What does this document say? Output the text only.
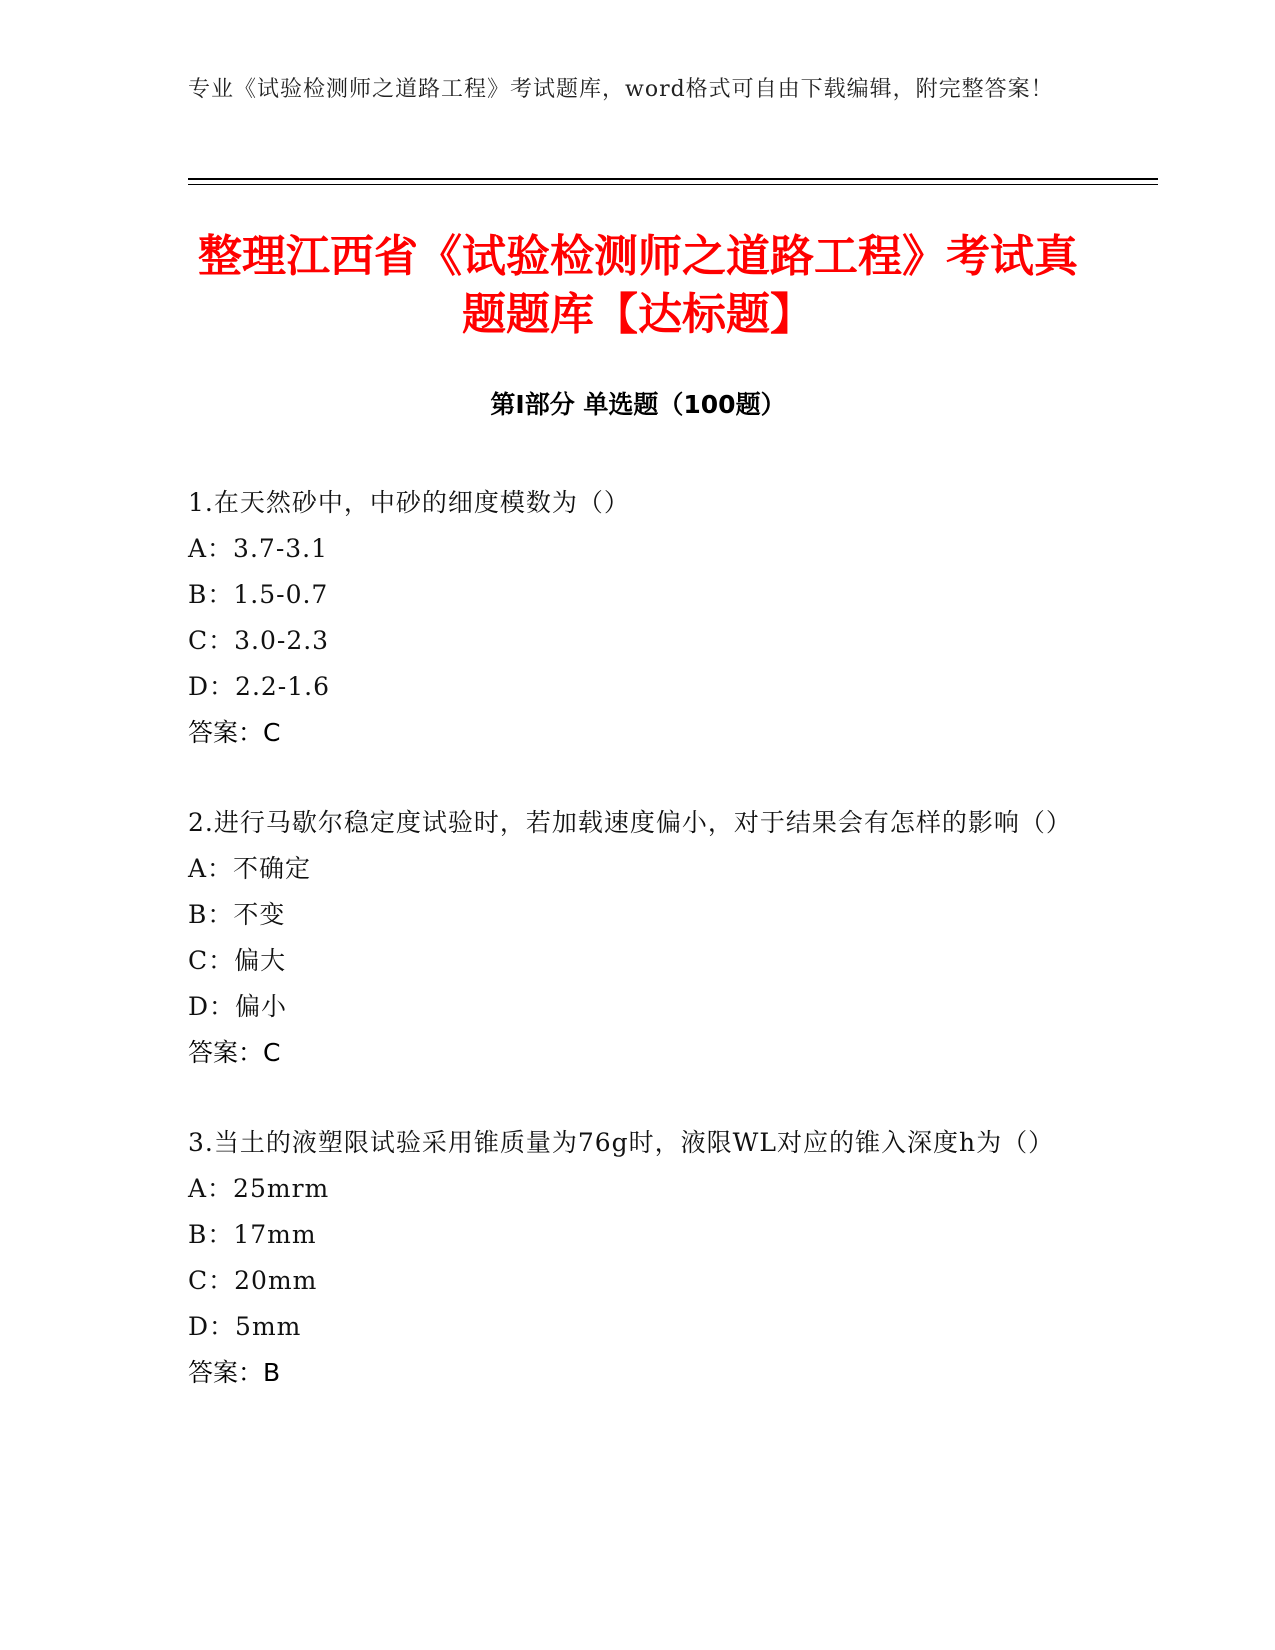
专业《试验检测师之道路工程》考试题库，word格式可自由下载编辑，附完整答案！
整理江西省《试验检测师之道路工程》考试真题题库【达标题】
第Ⅰ部分 单选题（100题）
1.在天然砂中，中砂的细度模数为（）
A：3.7-3.1
B：1.5-0.7
C：3.0-2.3
D：2.2-1.6
答案：C
2.进行马歇尔稳定度试验时，若加载速度偏小，对于结果会有怎样的影响（）
A：不确定
B：不变
C：偏大
D：偏小
答案：C
3.当土的液塑限试验采用锥质量为76g时，液限WL对应的锥入深度h为（）
A：25mrm
B：17mm
C：20mm
D：5mm
答案：B
